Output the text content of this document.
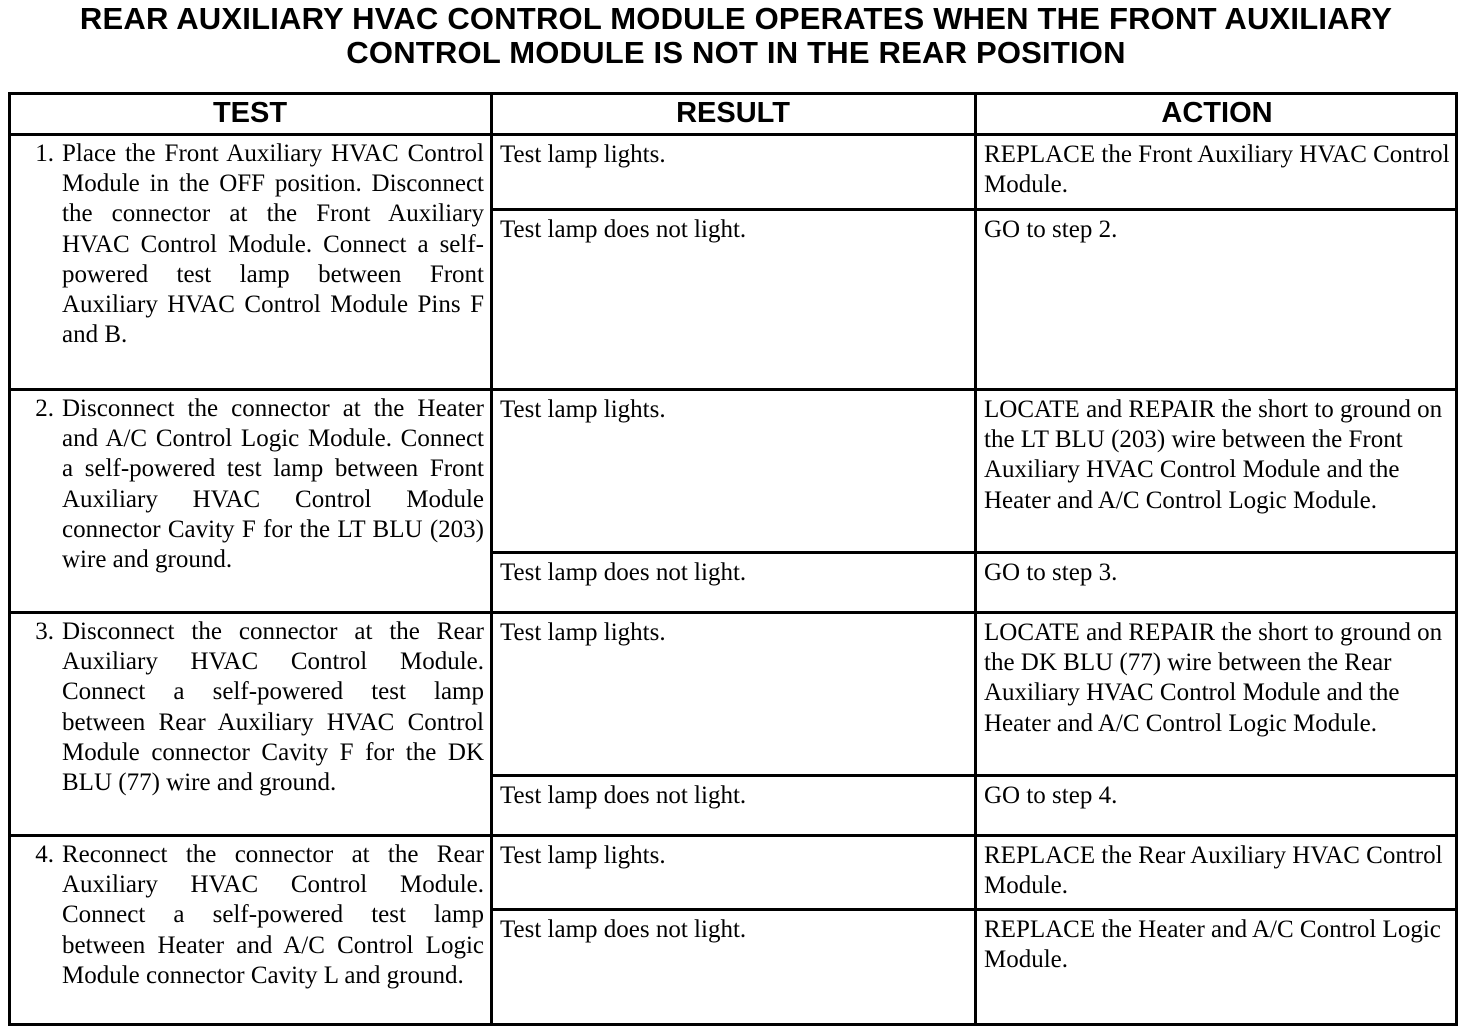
REAR AUXILIARY HVAC CONTROL MODULE OPERATES WHEN THE FRONT AUXILIARY
CONTROL MODULE IS NOT IN THE REAR POSITION
TEST	RESULT	ACTION
1. Place the Front Auxiliary HVAC Control Module in the OFF position. Disconnect the connector at the Front Auxiliary HVAC Control Module. Connect a self-powered test lamp between Front Auxiliary HVAC Control Module Pins F and B.
Test lamp lights.	REPLACE the Front Auxiliary HVAC Control Module.
Test lamp does not light.	GO to step 2.
2. Disconnect the connector at the Heater and A/C Control Logic Module. Connect a self-powered test lamp between Front Auxiliary HVAC Control Module connector Cavity F for the LT BLU (203) wire and ground.
Test lamp lights.	LOCATE and REPAIR the short to ground on the LT BLU (203) wire between the Front Auxiliary HVAC Control Module and the Heater and A/C Control Logic Module.
Test lamp does not light.	GO to step 3.
3. Disconnect the connector at the Rear Auxiliary HVAC Control Module. Connect a self-powered test lamp between Rear Auxiliary HVAC Control Module connector Cavity F for the DK BLU (77) wire and ground.
Test lamp lights.	LOCATE and REPAIR the short to ground on the DK BLU (77) wire between the Rear Auxiliary HVAC Control Module and the Heater and A/C Control Logic Module.
Test lamp does not light.	GO to step 4.
4. Reconnect the connector at the Rear Auxiliary HVAC Control Module. Connect a self-powered test lamp between Heater and A/C Control Logic Module connector Cavity L and ground.
Test lamp lights.	REPLACE the Rear Auxiliary HVAC Control Module.
Test lamp does not light.	REPLACE the Heater and A/C Control Logic Module.
